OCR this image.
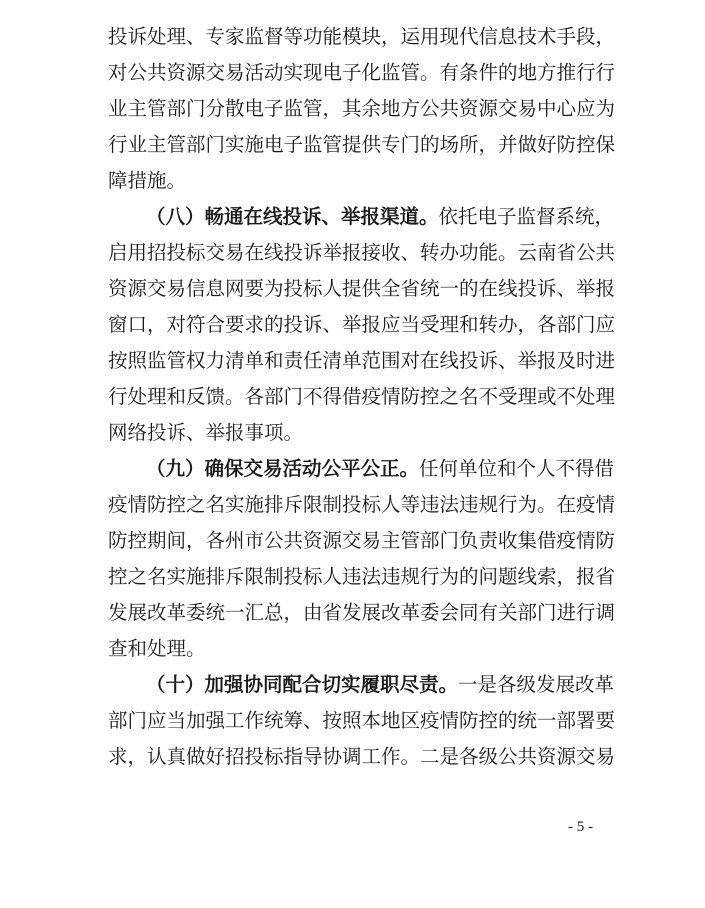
投诉处理、专家监督等功能模块，运用现代信息技术手段，
对公共资源交易活动实现电子化监管。有条件的地方推行行
业主管部门分散电子监管，其余地方公共资源交易中心应为
行业主管部门实施电子监管提供专门的场所，并做好防控保
障措施。
（八）畅通在线投诉、举报渠道。依托电子监督系统，
启用招投标交易在线投诉举报接收、转办功能。云南省公共
资源交易信息网要为投标人提供全省统一的在线投诉、举报
窗口，对符合要求的投诉、举报应当受理和转办，各部门应
按照监管权力清单和责任清单范围对在线投诉、举报及时进
行处理和反馈。各部门不得借疫情防控之名不受理或不处理
网络投诉、举报事项。
（九）确保交易活动公平公正。任何单位和个人不得借
疫情防控之名实施排斥限制投标人等违法违规行为。在疫情
防控期间，各州市公共资源交易主管部门负责收集借疫情防
控之名实施排斥限制投标人违法违规行为的问题线索，报省
发展改革委统一汇总，由省发展改革委会同有关部门进行调
查和处理。
（十）加强协同配合切实履职尽责。一是各级发展改革
部门应当加强工作统筹、按照本地区疫情防控的统一部署要
求，认真做好招投标指导协调工作。二是各级公共资源交易
- 5 -
